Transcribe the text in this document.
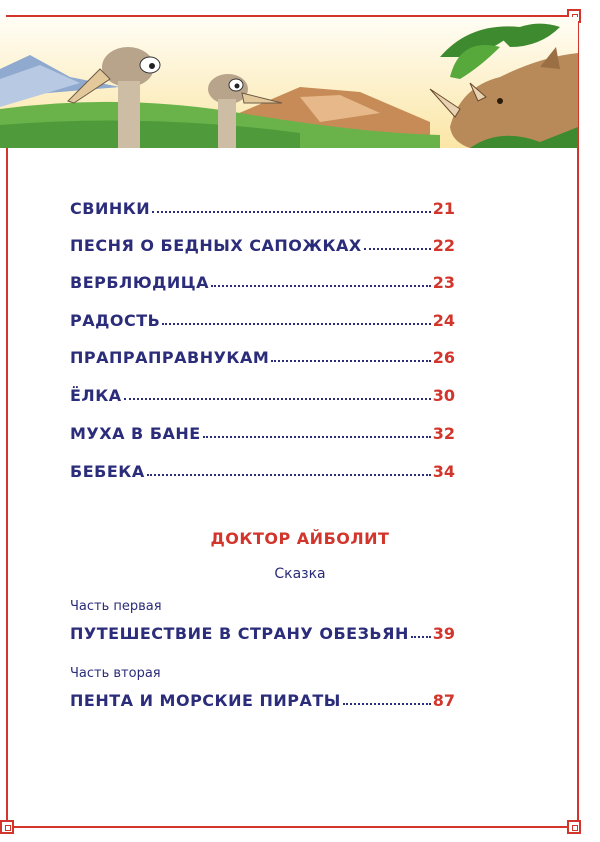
СВИНКИ	21
ПЕСНЯ О БЕДНЫХ САПОЖКАХ	22
ВЕРБЛЮДИЦА	23
РАДОСТЬ	24
ПРАПРАПРАВНУКАМ	26
ЁЛКА	30
МУХА В БАНЕ	32
БЕБЕКА	34
ДОКТОР АЙБОЛИТ
Сказка
Часть первая
ПУТЕШЕСТВИЕ В СТРАНУ ОБЕЗЬЯН 39
Часть вторая
ПЕНТА И МОРСКИЕ ПИРАТЫ	87
